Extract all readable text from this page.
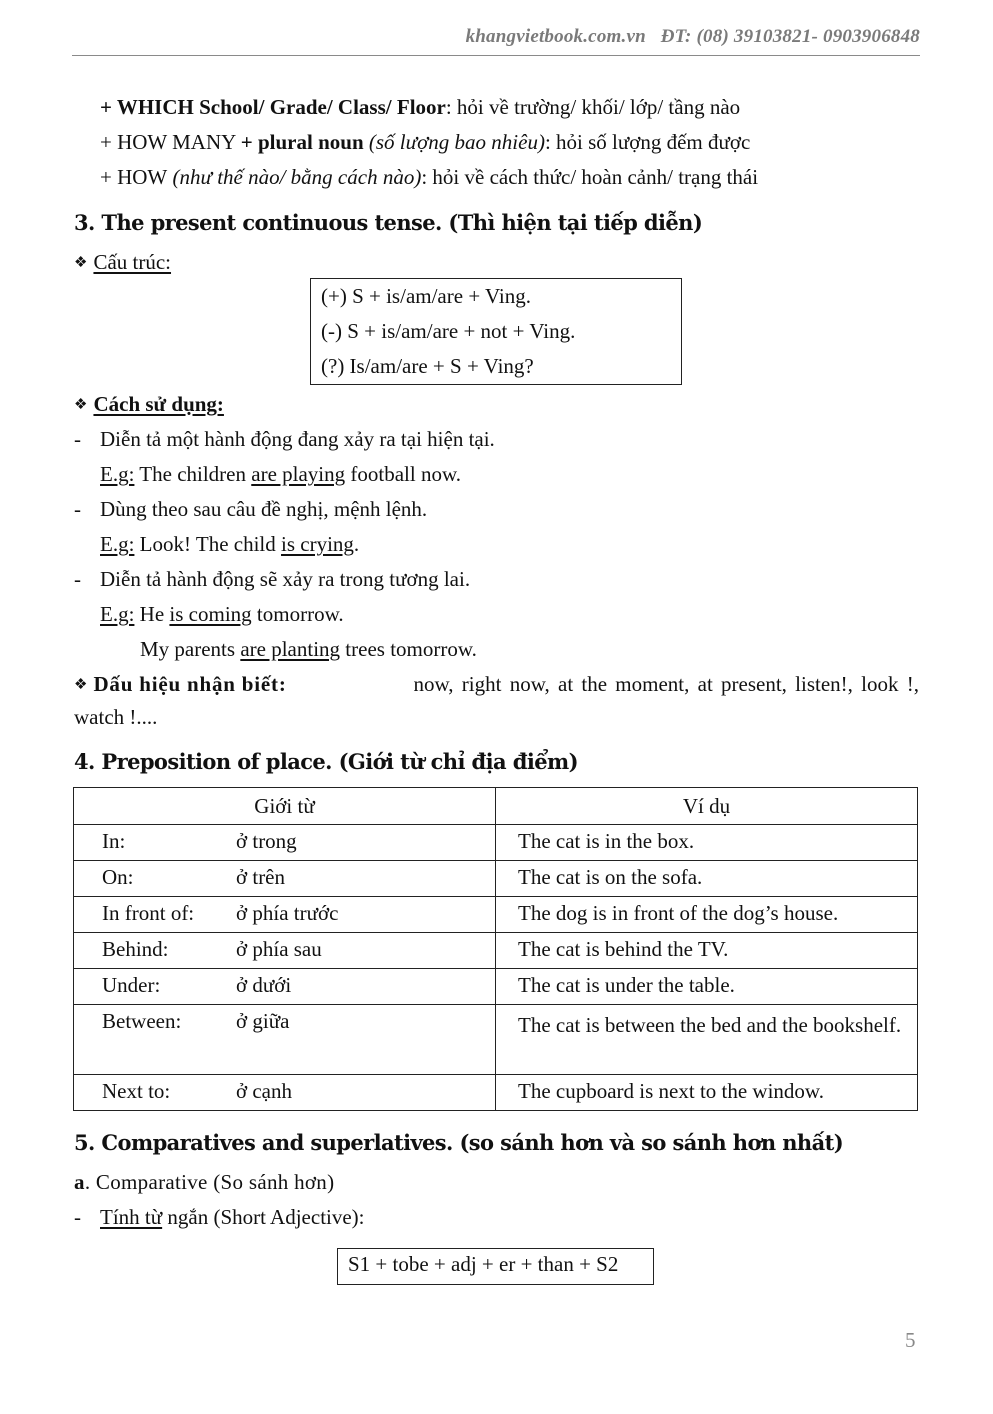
khangvietbook.com.vn ĐT: (08) 39103821- 0903906848
+ WHICH School/ Grade/ Class/ Floor: hỏi về trường/ khối/ lớp/ tầng nào
+ HOW MANY + plural noun (số lượng bao nhiêu): hỏi số lượng đếm được
+ HOW (như thế nào/ bằng cách nào): hỏi về cách thức/ hoàn cảnh/ trạng thái
3. The present continuous tense. (Thì hiện tại tiếp diễn)
❖ Cấu trúc:
(+) S + is/am/are + Ving.
(-) S + is/am/are + not + Ving.
(?) Is/am/are + S + Ving?
❖ Cách sử dụng:
- Diễn tả một hành động đang xảy ra tại hiện tại.
E.g: The children are playing football now.
- Dùng theo sau câu đề nghị, mệnh lệnh.
E.g: Look! The child is crying.
- Diễn tả hành động sẽ xảy ra trong tương lai.
E.g: He is coming tomorrow.
My parents are planting trees tomorrow.
❖ Dấu hiệu nhận biết:	now, right now, at the moment, at present, listen!, look !,
watch !....
4. Preposition of place. (Giới từ chỉ địa điểm)
Giới từ	Ví dụ

In: ở trong	The cat is in the box.

On: ở trên	The cat is on the sofa.

In front of: ở phía trước	The dog is in front of the dog’s house.

Behind: ở phía sau	The cat is behind the TV.

Under: ở dưới	The cat is under the table.

Between: ở giữa	The cat is between the bed and the bookshelf.

Next to: ở cạnh	The cupboard is next to the window.
5. Comparatives and superlatives. (so sánh hơn và so sánh hơn nhất)
a. Comparative (So sánh hơn)
- Tính từ ngắn (Short Adjective):
S1 + tobe + adj + er + than + S2
5
